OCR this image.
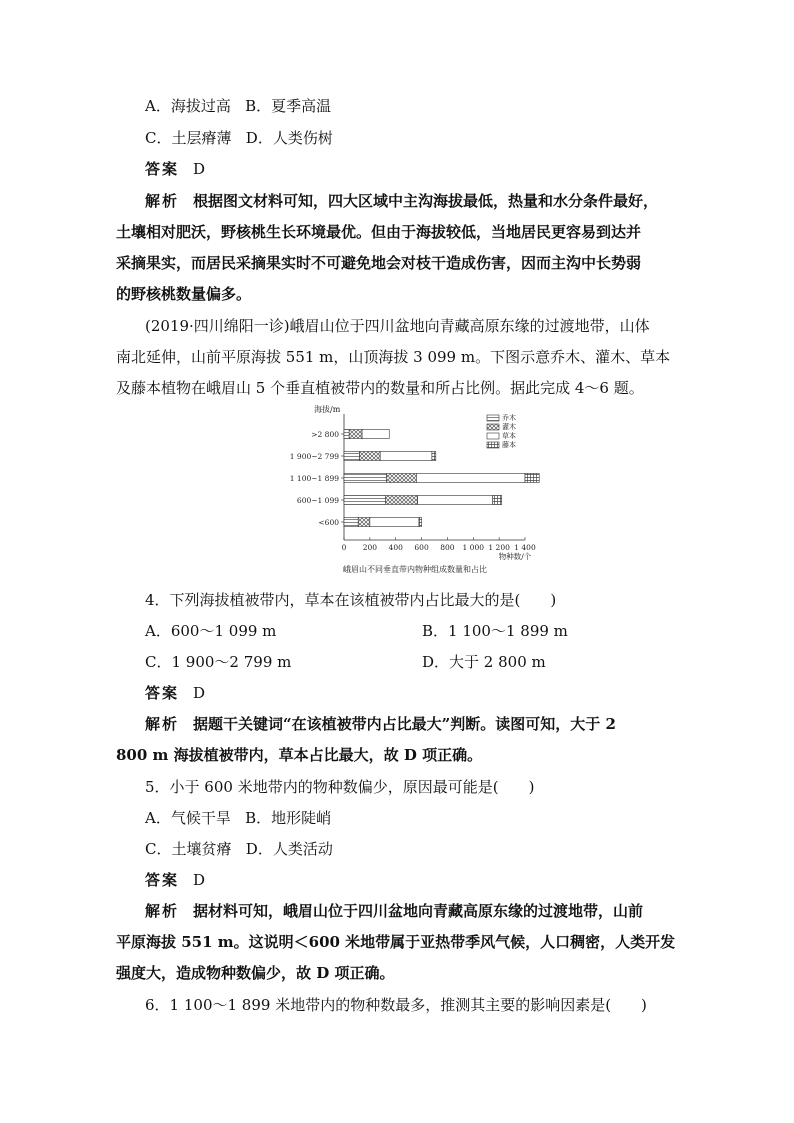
A．海拔过高 B．夏季高温
C．土层瘠薄 D．人类伤树
答案 D
解析 根据图文材料可知，四大区域中主沟海拔最低，热量和水分条件最好，
土壤相对肥沃，野核桃生长环境最优。但由于海拔较低，当地居民更容易到达并
采摘果实，而居民采摘果实时不可避免地会对枝干造成伤害，因而主沟中长势弱
的野核桃数量偏多。
(2019·四川绵阳一诊)峨眉山位于四川盆地向青藏高原东缘的过渡地带，山体
南北延伸，山前平原海拔 551 m，山顶海拔 3 099 m。下图示意乔木、灌木、草本
及藤本植物在峨眉山 5 个垂直植被带内的数量和所占比例。据此完成 4～6 题。
海拔/m
0 200 400 600 800 1 000 1 200 1 400
物种数/个
峨眉山不同垂直带内物种组成数量和占比
>2 800
1 900~2 799
1 100~1 899
600~1 099
<600
乔木
灌木
草本
藤本
4．下列海拔植被带内，草本在该植被带内占比最大的是(　　)
A．600～1 099 m	B．1 100～1 899 m
C．1 900～2 799 m	D．大于 2 800 m
答案 D
解析 据题干关键词“在该植被带内占比最大”判断。读图可知，大于 2
800 m 海拔植被带内，草本占比最大，故 D 项正确。
5．小于 600 米地带内的物种数偏少，原因最可能是(　　)
A．气候干旱 B．地形陡峭
C．土壤贫瘠 D．人类活动
答案 D
解析 据材料可知，峨眉山位于四川盆地向青藏高原东缘的过渡地带，山前
平原海拔 551 m。这说明＜600 米地带属于亚热带季风气候，人口稠密，人类开发
强度大，造成物种数偏少，故 D 项正确。
6．1 100～1 899 米地带内的物种数最多，推测其主要的影响因素是(　　)
